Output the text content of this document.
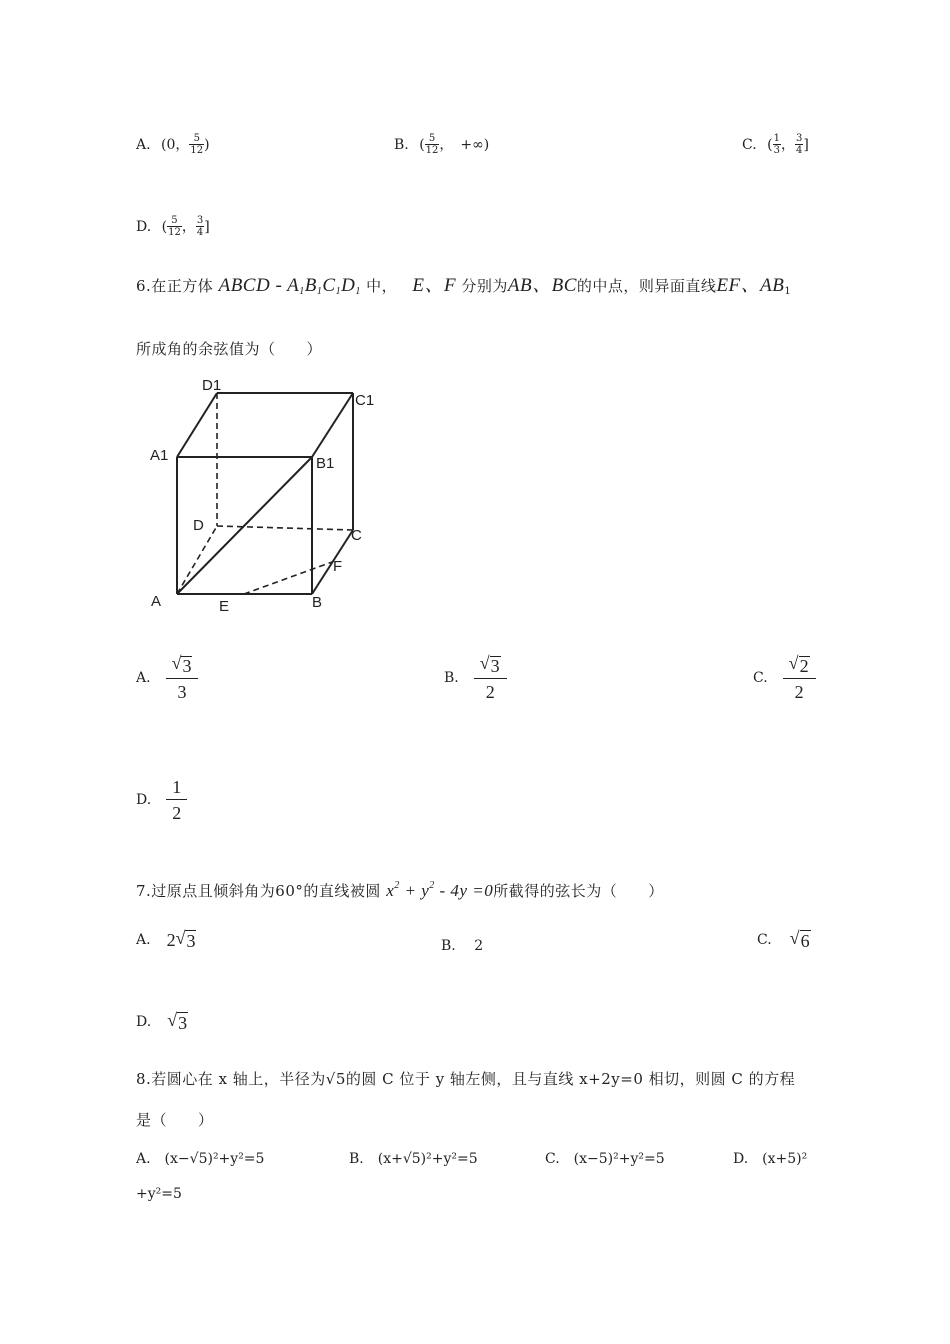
A. (0， $\frac{5}{12}$ )	B. ( $\frac{5}{12}$ ，　+∞)	C. ( $\frac{1}{3}$ ， $\frac{3}{4}$ ]
D. ( $\frac{5}{12}$ ， $\frac{3}{4}$ ]
6.在正方体 ABCD - $A_1B_1C_1D_1$ 中， E、F 分别为AB、BC的中点，则异面直线EF、$AB_1$
所成角的余弦值为（　　）
D1
C1
A1	B1
D
C
F
A	E	B
A.
√ 3
3
B.
√ 3
2
C.
√ 2
2
D.
1
2
7.过原点且倾斜角为60°的直线被圆 $x^2 + y^2 - 4y =0$所截得的弦长为（　　）
A. 2 √ 3	B. 2	C. √ 6
D. √ 3
8.若圆心在 x 轴上，半径为√5的圆 C 位于 y 轴左侧，且与直线 x+2y=0 相切，则圆 C 的方程
是（　　）
A.　(x−√5)²+y²=5	B.　(x+√5)²+y²=5	C.　(x−5)²+y²=5	D.　(x+5)²
+y²=5
